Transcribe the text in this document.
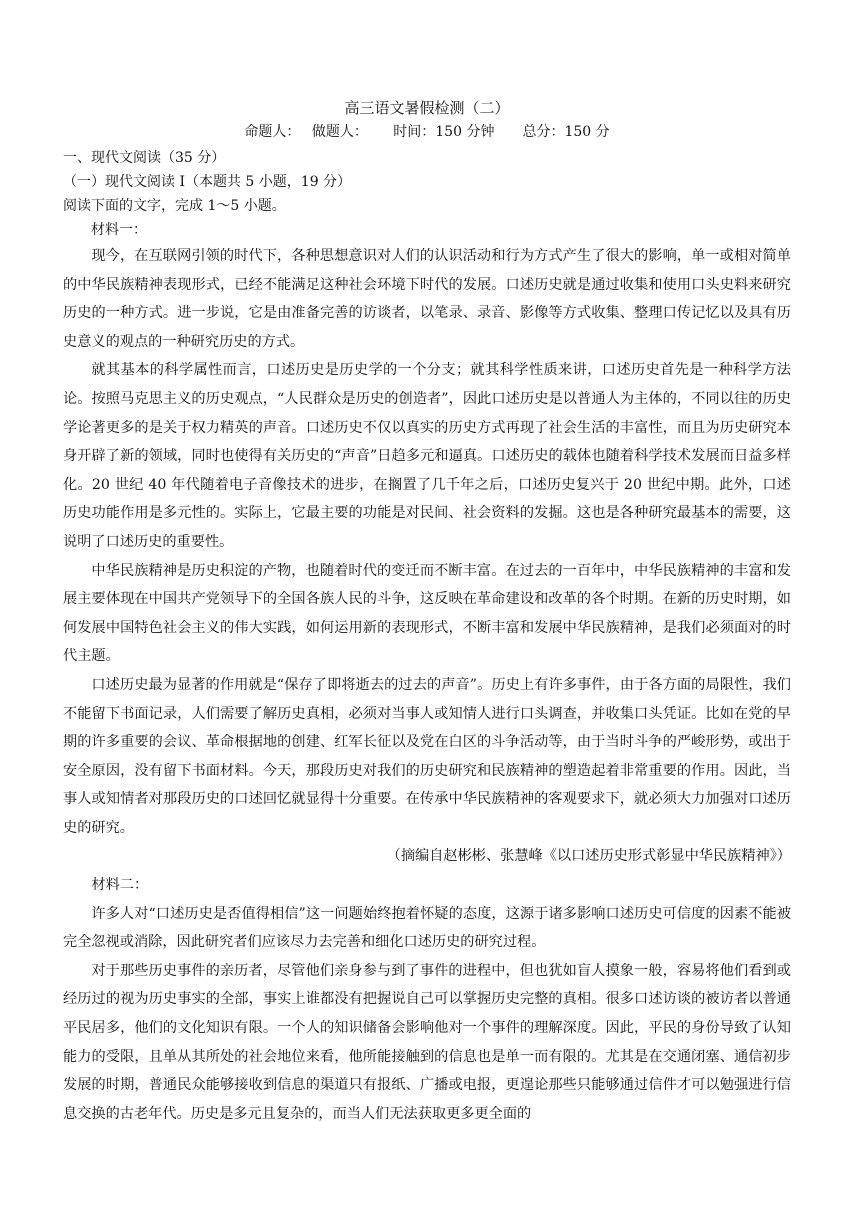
高三语文暑假检测（二）
命题人：　 做题人：　　 时间：150 分钟　　总分：150 分
一、现代文阅读（35 分）
（一）现代文阅读 I（本题共 5 小题，19 分）
阅读下面的文字，完成 1～5 小题。
材料一：

现今，在互联网引领的时代下，各种思想意识对人们的认识活动和行为方式产生了很大的影响，单一或相对简单的中华民族精神表现形式，已经不能满足这种社会环境下时代的发展。口述历史就是通过收集和使用口头史料来研究历史的一种方式。进一步说，它是由准备完善的访谈者，以笔录、录音、影像等方式收集、整理口传记忆以及具有历史意义的观点的一种研究历史的方式。

就其基本的科学属性而言，口述历史是历史学的一个分支；就其科学性质来讲，口述历史首先是一种科学方法论。按照马克思主义的历史观点，“人民群众是历史的创造者”，因此口述历史是以普通人为主体的，不同以往的历史学论著更多的是关于权力精英的声音。口述历史不仅以真实的历史方式再现了社会生活的丰富性，而且为历史研究本身开辟了新的领域，同时也使得有关历史的“声音”日趋多元和逼真。口述历史的载体也随着科学技术发展而日益多样化。20 世纪 40 年代随着电子音像技术的进步，在搁置了几千年之后，口述历史复兴于 20 世纪中期。此外，口述历史功能作用是多元性的。实际上，它最主要的功能是对民间、社会资料的发掘。这也是各种研究最基本的需要，这说明了口述历史的重要性。

中华民族精神是历史积淀的产物，也随着时代的变迁而不断丰富。在过去的一百年中，中华民族精神的丰富和发展主要体现在中国共产党领导下的全国各族人民的斗争，这反映在革命建设和改革的各个时期。在新的历史时期，如何发展中国特色社会主义的伟大实践，如何运用新的表现形式，不断丰富和发展中华民族精神，是我们必须面对的时代主题。

口述历史最为显著的作用就是“保存了即将逝去的过去的声音”。历史上有许多事件，由于各方面的局限性，我们不能留下书面记录，人们需要了解历史真相，必须对当事人或知情人进行口头调查，并收集口头凭证。比如在党的早期的许多重要的会议、革命根据地的创建、红军长征以及党在白区的斗争活动等，由于当时斗争的严峻形势，或出于安全原因，没有留下书面材料。今天，那段历史对我们的历史研究和民族精神的塑造起着非常重要的作用。因此，当事人或知情者对那段历史的口述回忆就显得十分重要。在传承中华民族精神的客观要求下，就必须大力加强对口述历史的研究。

（摘编自赵彬彬、张慧峰《以口述历史形式彰显中华民族精神》）
材料二：

许多人对“口述历史是否值得相信”这一问题始终抱着怀疑的态度，这源于诸多影响口述历史可信度的因素不能被完全忽视或消除，因此研究者们应该尽力去完善和细化口述历史的研究过程。

对于那些历史事件的亲历者，尽管他们亲身参与到了事件的进程中，但也犹如盲人摸象一般，容易将他们看到或经历过的视为历史事实的全部，事实上谁都没有把握说自己可以掌握历史完整的真相。很多口述访谈的被访者以普通平民居多，他们的文化知识有限。一个人的知识储备会影响他对一个事件的理解深度。因此，平民的身份导致了认知能力的受限，且单从其所处的社会地位来看，他所能接触到的信息也是单一而有限的。尤其是在交通闭塞、通信初步发展的时期，普通民众能够接收到信息的渠道只有报纸、广播或电报，更遑论那些只能够通过信件才可以勉强进行信息交换的古老年代。历史是多元且复杂的，而当人们无法获取更多更全面的
